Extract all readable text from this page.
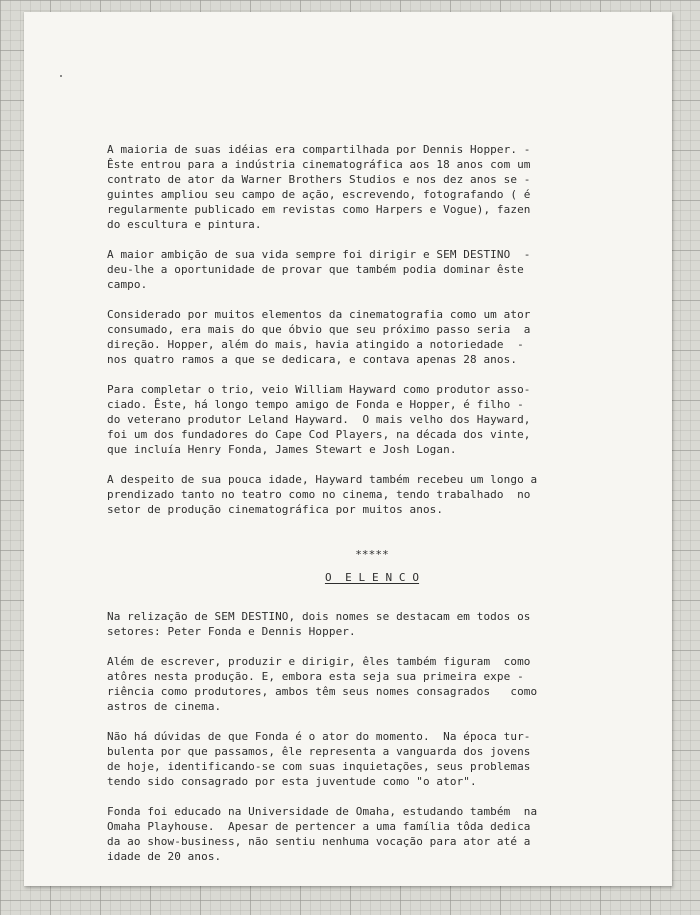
A maioria de suas idéias era compartilhada por Dennis Hopper. -
Êste entrou para a indústria cinematográfica aos 18 anos com um
contrato de ator da Warner Brothers Studios e nos dez anos se -
guintes ampliou seu campo de ação, escrevendo, fotografando ( é
regularmente publicado em revistas como Harpers e Vogue), fazen
do escultura e pintura.
A maior ambição de sua vida sempre foi dirigir e SEM DESTINO  -
deu-lhe a oportunidade de provar que também podia dominar êste
campo.
Considerado por muitos elementos da cinematografia como um ator
consumado, era mais do que óbvio que seu próximo passo seria  a
direção. Hopper, além do mais, havia atingido a notoriedade  -
nos quatro ramos a que se dedicara, e contava apenas 28 anos.
Para completar o trio, veio William Hayward como produtor asso-
ciado. Êste, há longo tempo amigo de Fonda e Hopper, é filho -
do veterano produtor Leland Hayward.  O mais velho dos Hayward,
foi um dos fundadores do Cape Cod Players, na década dos vinte,
que incluía Henry Fonda, James Stewart e Josh Logan.
A despeito de sua pouca idade, Hayward também recebeu um longo a
prendizado tanto no teatro como no cinema, tendo trabalhado  no
setor de produção cinematográfica por muitos anos.
*****
O  E L E N C O
Na relização de SEM DESTINO, dois nomes se destacam em todos os
setores: Peter Fonda e Dennis Hopper.
Além de escrever, produzir e dirigir, êles também figuram  como
atôres nesta produção. E, embora esta seja sua primeira expe -
riência como produtores, ambos têm seus nomes consagrados   como
astros de cinema.
Não há dúvidas de que Fonda é o ator do momento.  Na época tur-
bulenta por que passamos, êle representa a vanguarda dos jovens
de hoje, identificando-se com suas inquietações, seus problemas
tendo sido consagrado por esta juventude como "o ator".
Fonda foi educado na Universidade de Omaha, estudando também  na
Omaha Playhouse.  Apesar de pertencer a uma família tôda dedica
da ao show-business, não sentiu nenhuma vocação para ator até a
idade de 20 anos.
